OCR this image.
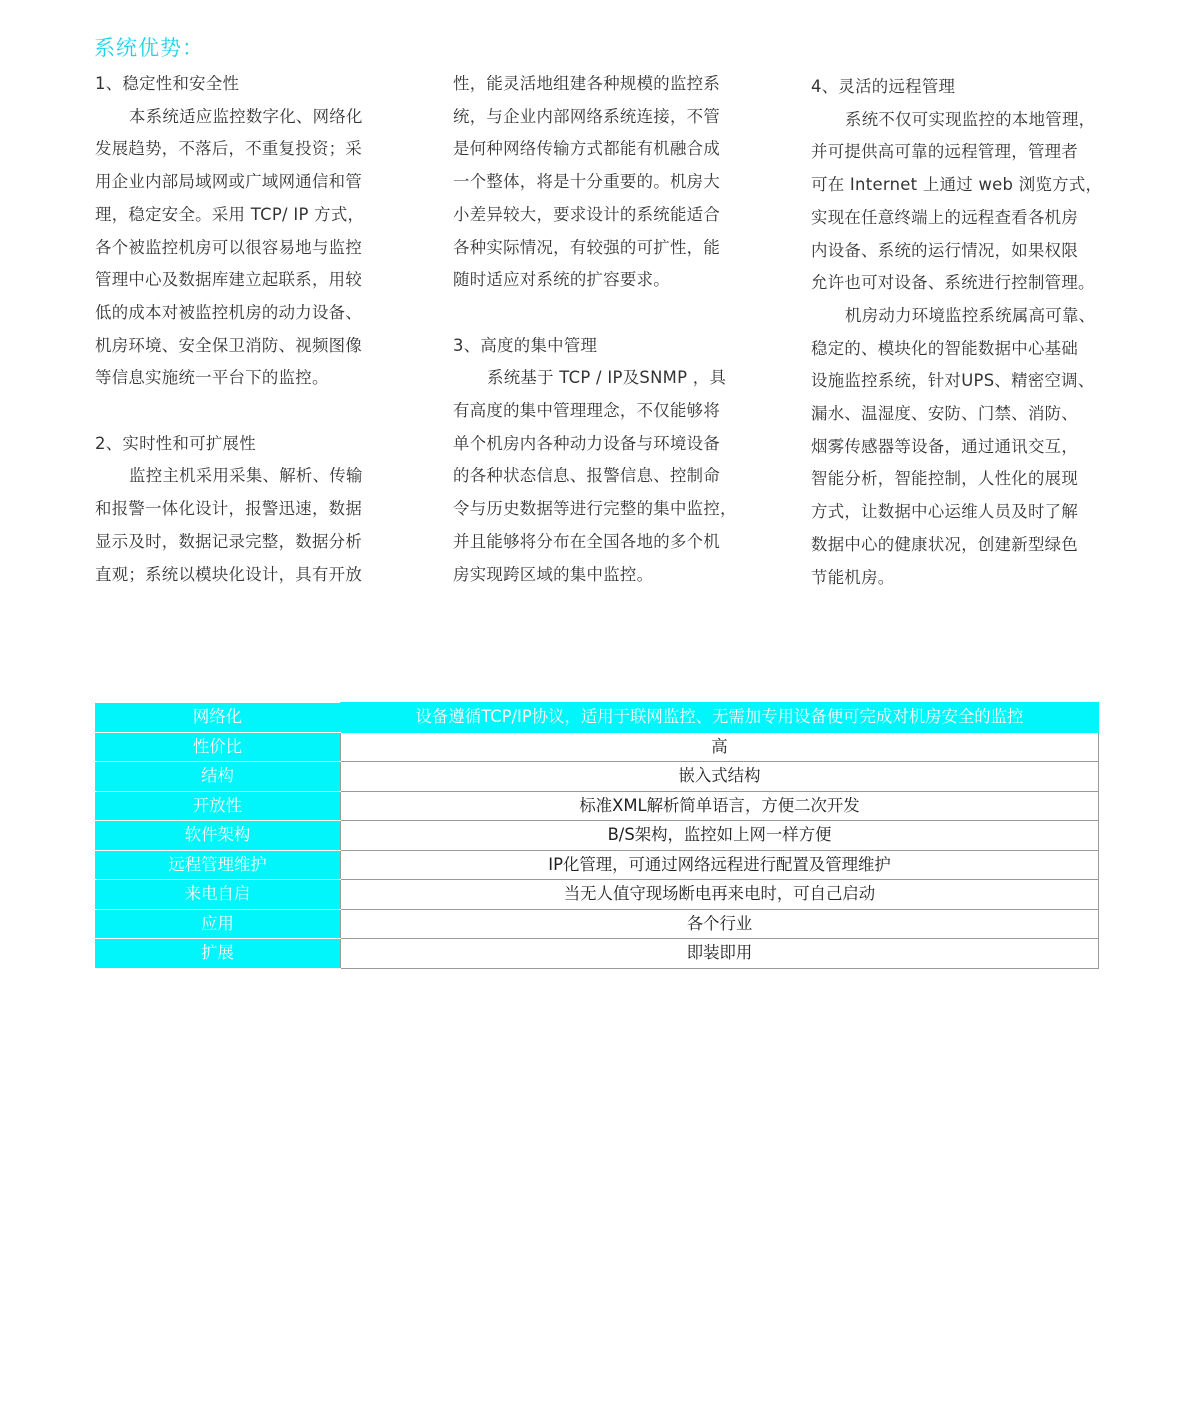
系统优势：

1、稳定性和安全性

本系统适应监控数字化、网络化

发展趋势，不落后，不重复投资；采

用企业内部局域网或广域网通信和管

理，稳定安全。采用 TCP/ IP 方式，

各个被监控机房可以很容易地与监控

管理中心及数据库建立起联系，用较

低的成本对被监控机房的动力设备、

机房环境、安全保卫消防、视频图像

等信息实施统一平台下的监控。

2、实时性和可扩展性

监控主机采用采集、解析、传输

和报警一体化设计，报警迅速，数据

显示及时，数据记录完整，数据分析

直观；系统以模块化设计，具有开放

性，能灵活地组建各种规模的监控系

统，与企业内部网络系统连接，不管

是何种网络传输方式都能有机融合成

一个整体，将是十分重要的。机房大

小差异较大，要求设计的系统能适合

各种实际情况，有较强的可扩性，能

随时适应对系统的扩容要求。

3、高度的集中管理

系统基于 TCP / IP及SNMP ，具

有高度的集中管理理念，不仅能够将

单个机房内各种动力设备与环境设备

的各种状态信息、报警信息、控制命

令与历史数据等进行完整的集中监控，

并且能够将分布在全国各地的多个机

房实现跨区域的集中监控。

4、灵活的远程管理

系统不仅可实现监控的本地管理，

并可提供高可靠的远程管理，管理者

可在 Internet 上通过 web 浏览方式，

实现在任意终端上的远程查看各机房

内设备、系统的运行情况，如果权限

允许也可对设备、系统进行控制管理。

机房动力环境监控系统属高可靠、

稳定的、模块化的智能数据中心基础

设施监控系统，针对UPS、精密空调、

漏水、温湿度、安防、门禁、消防、

烟雾传感器等设备，通过通讯交互，

智能分析，智能控制，人性化的展现

方式，让数据中心运维人员及时了解

数据中心的健康状况，创建新型绿色

节能机房。

网络化	设备遵循TCP/IP协议，适用于联网监控、无需加专用设备便可完成对机房安全的监控
性价比	高
结构	嵌入式结构
开放性	标准XML解析简单语言，方便二次开发
软件架构	B/S架构，监控如上网一样方便
远程管理维护	IP化管理，可通过网络远程进行配置及管理维护
来电自启	当无人值守现场断电再来电时，可自己启动
应用	各个行业
扩展	即装即用
